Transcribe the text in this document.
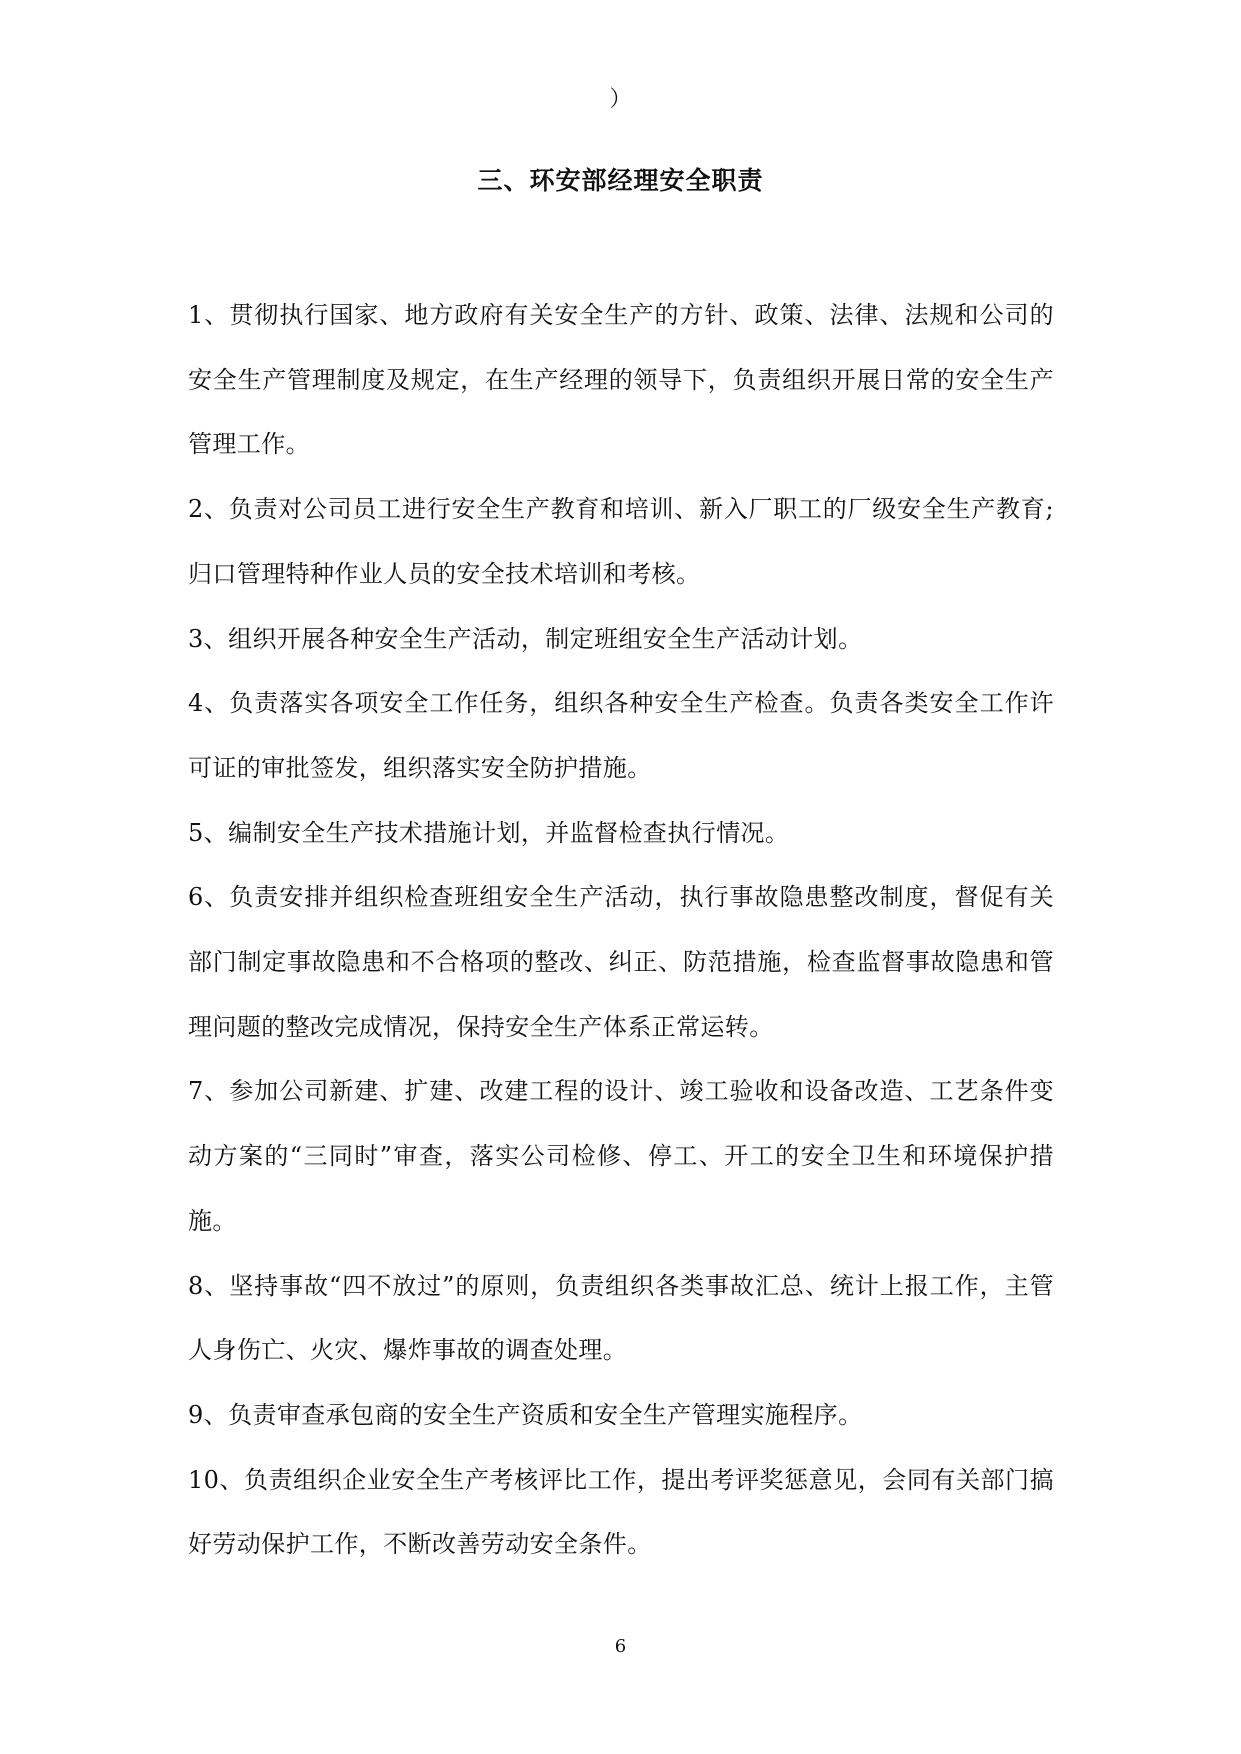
）
三、环安部经理安全职责

1、贯彻执行国家、地方政府有关安全生产的方针、政策、法律、法规和公司的安全生产管理制度及规定，在生产经理的领导下，负责组织开展日常的安全生产管理工作。

2、负责对公司员工进行安全生产教育和培训、新入厂职工的厂级安全生产教育;归口管理特种作业人员的安全技术培训和考核。

3、组织开展各种安全生产活动，制定班组安全生产活动计划。

4、负责落实各项安全工作任务，组织各种安全生产检查。负责各类安全工作许可证的审批签发，组织落实安全防护措施。

5、编制安全生产技术措施计划，并监督检查执行情况。

6、负责安排并组织检查班组安全生产活动，执行事故隐患整改制度，督促有关部门制定事故隐患和不合格项的整改、纠正、防范措施，检查监督事故隐患和管理问题的整改完成情况，保持安全生产体系正常运转。

7、参加公司新建、扩建、改建工程的设计、竣工验收和设备改造、工艺条件变动方案的“三同时”审查，落实公司检修、停工、开工的安全卫生和环境保护措施。

8、坚持事故“四不放过”的原则，负责组织各类事故汇总、统计上报工作，主管人身伤亡、火灾、爆炸事故的调查处理。

9、负责审查承包商的安全生产资质和安全生产管理实施程序。

10、负责组织企业安全生产考核评比工作，提出考评奖惩意见，会同有关部门搞好劳动保护工作，不断改善劳动安全条件。

6
